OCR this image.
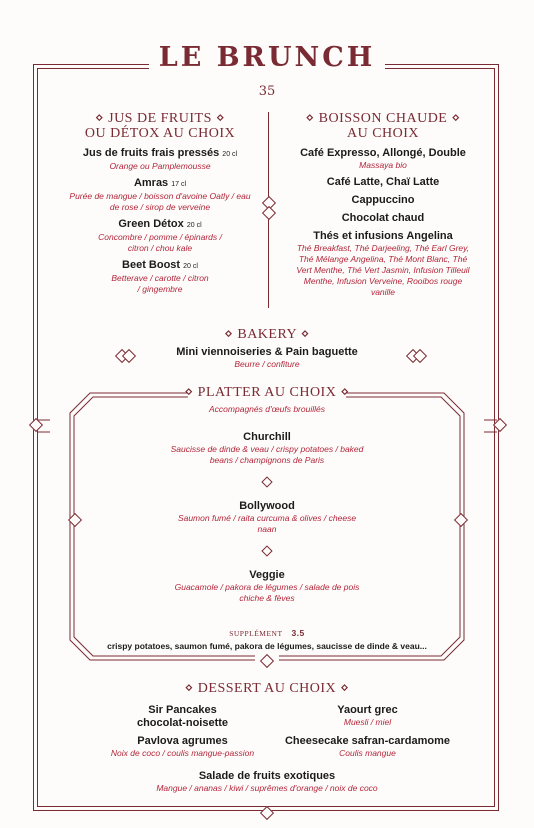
LE BRUNCH
35
⋄ JUS DE FRUITS ⋄
OU DÉTOX AU CHOIX
Jus de fruits frais pressés 20 cl
Orange ou Pamplemousse
Amras 17 cl
Purée de mangue / boisson d'avoine Oatly / eau de rose / sirop de verveine
Green Détox 20 cl
Concombre / pomme / épinards / citron / chou kale
Beet Boost 20 cl
Betterave / carotte / citron / gingembre
⋄ BOISSON CHAUDE ⋄
AU CHOIX
Café Expresso, Allongé, Double
Massaya bio
Café Latte, Chaï Latte
Cappuccino
Chocolat chaud
Thés et infusions Angelina
Thé Breakfast, Thé Darjeeling, Thé Earl Grey, Thé Mélange Angelina, Thé Mont Blanc, Thé Vert Menthe, Thé Vert Jasmin, Infusion Tilleuil Menthe, Infusion Verveine, Rooibos rouge vanille
⋄ BAKERY ⋄
Mini viennoiseries & Pain baguette
Beurre / confiture
⋄ PLATTER AU CHOIX ⋄
Accompagnés d'œufs brouillés
Churchill
Saucisse de dinde & veau / crispy potatoes / baked beans / champignons de Paris
Bollywood
Saumon fumé / raita curcuma & olives / cheese naan
Veggie
Guacamole / pakora de légumes / salade de pois chiche & fèves
SUPPLÉMENT 3.5
crispy potatoes, saumon fumé, pakora de légumes, saucisse de dinde & veau...
⋄ DESSERT AU CHOIX ⋄
Sir Pancakes chocolat-noisette
Pavlova agrumes
Noix de coco / coulis mangue-passion
Yaourt grec
Muesli / miel
Cheesecake safran-cardamome
Coulis mangue
Salade de fruits exotiques
Mangue / ananas / kiwi / suprêmes d'orange / noix de coco
